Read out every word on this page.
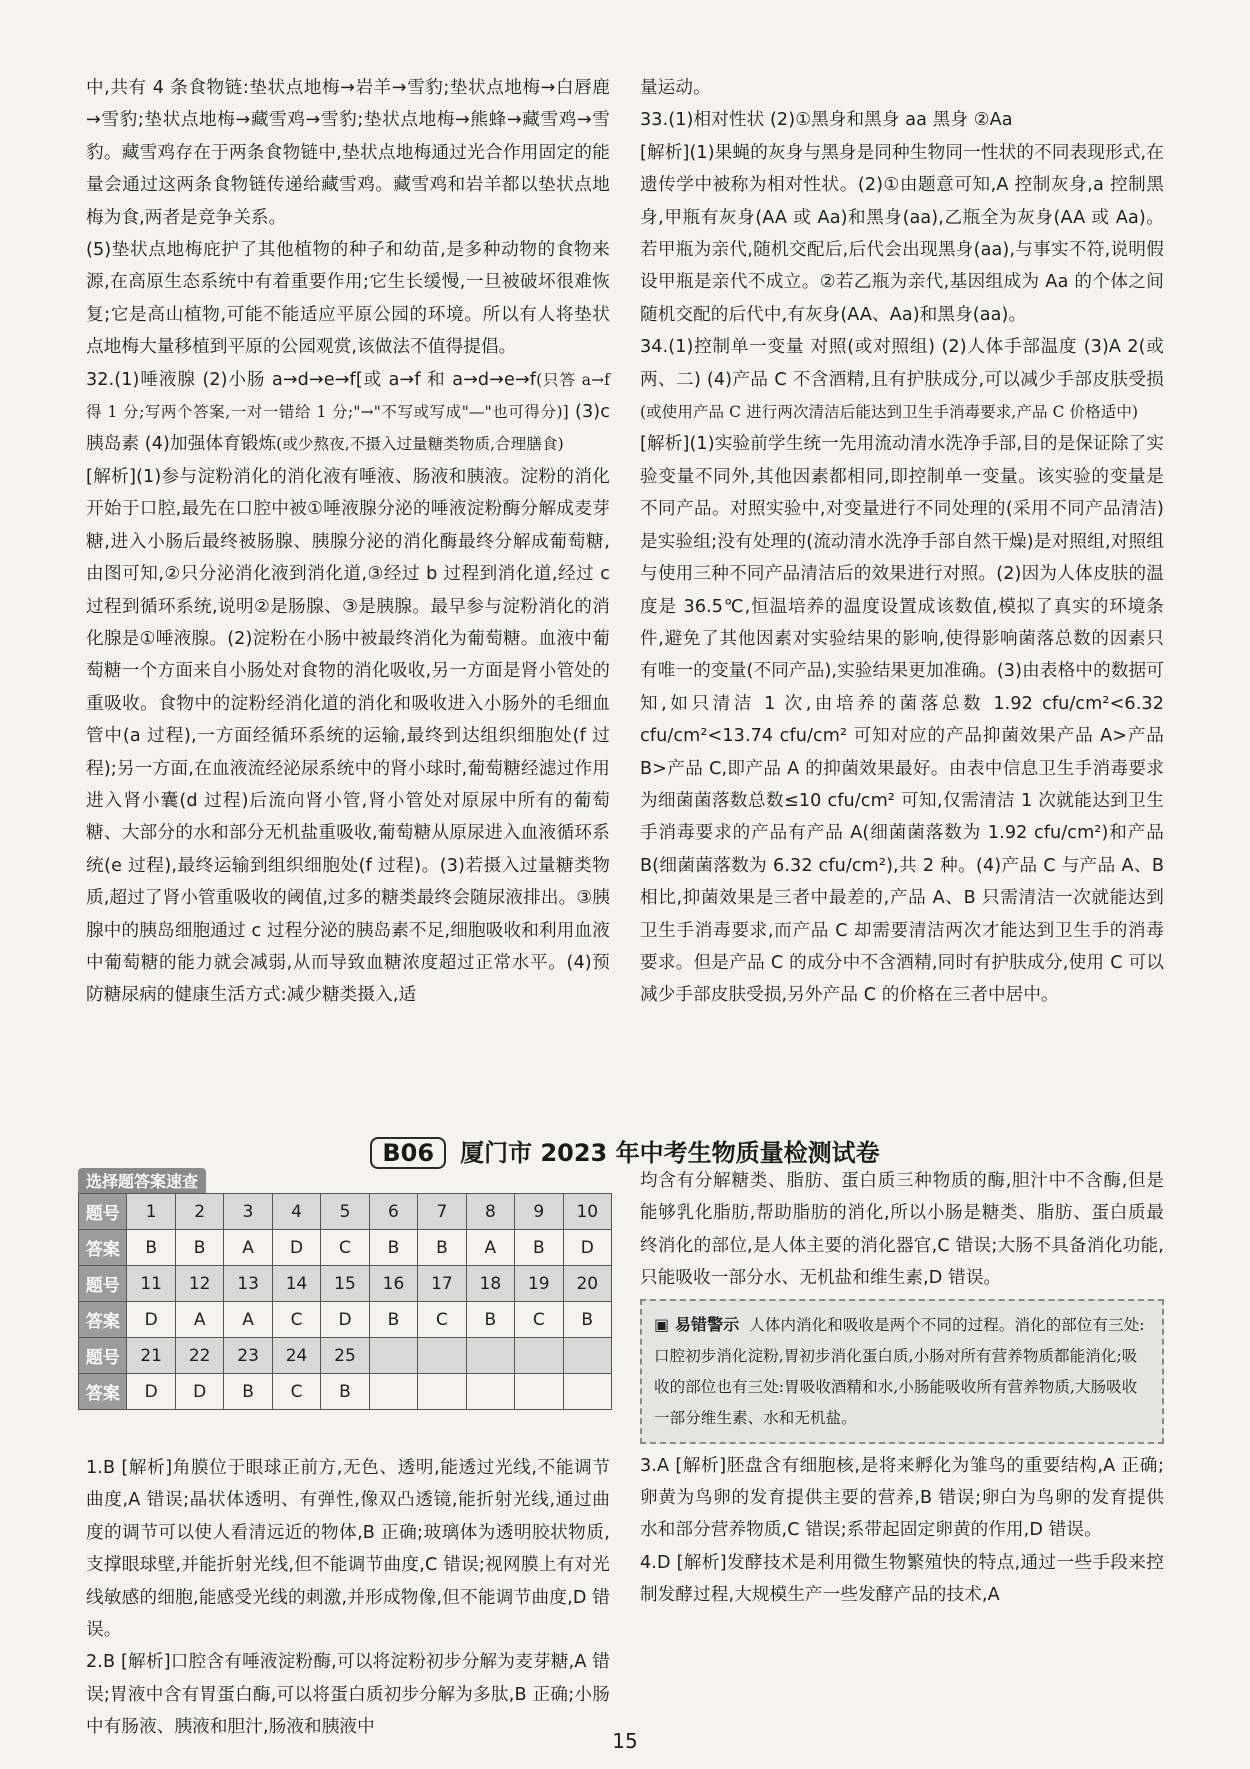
中,共有 4 条食物链:垫状点地梅→岩羊→雪豹;垫状点地梅→白唇鹿→雪豹;垫状点地梅→藏雪鸡→雪豹;垫状点地梅→熊蜂→藏雪鸡→雪豹。藏雪鸡存在于两条食物链中,垫状点地梅通过光合作用固定的能量会通过这两条食物链传递给藏雪鸡。藏雪鸡和岩羊都以垫状点地梅为食,两者是竞争关系。

(5)垫状点地梅庇护了其他植物的种子和幼苗,是多种动物的食物来源,在高原生态系统中有着重要作用;它生长缓慢,一旦被破坏很难恢复;它是高山植物,可能不能适应平原公园的环境。所以有人将垫状点地梅大量移植到平原的公园观赏,该做法不值得提倡。

32.(1)唾液腺 (2)小肠 a→d→e→f[或 a→f 和 a→d→e→f(只答 a→f 得 1 分;写两个答案,一对一错给 1 分;"→"不写或写成"—"也可得分)] (3)c 胰岛素 (4)加强体育锻炼(或少熬夜,不摄入过量糖类物质,合理膳食)

[解析](1)参与淀粉消化的消化液有唾液、肠液和胰液。淀粉的消化开始于口腔,最先在口腔中被①唾液腺分泌的唾液淀粉酶分解成麦芽糖,进入小肠后最终被肠腺、胰腺分泌的消化酶最终分解成葡萄糖,由图可知,②只分泌消化液到消化道,③经过 b 过程到消化道,经过 c 过程到循环系统,说明②是肠腺、③是胰腺。最早参与淀粉消化的消化腺是①唾液腺。(2)淀粉在小肠中被最终消化为葡萄糖。血液中葡萄糖一个方面来自小肠处对食物的消化吸收,另一方面是肾小管处的重吸收。食物中的淀粉经消化道的消化和吸收进入小肠外的毛细血管中(a 过程),一方面经循环系统的运输,最终到达组织细胞处(f 过程);另一方面,在血液流经泌尿系统中的肾小球时,葡萄糖经滤过作用进入肾小囊(d 过程)后流向肾小管,肾小管处对原尿中所有的葡萄糖、大部分的水和部分无机盐重吸收,葡萄糖从原尿进入血液循环系统(e 过程),最终运输到组织细胞处(f 过程)。(3)若摄入过量糖类物质,超过了肾小管重吸收的阈值,过多的糖类最终会随尿液排出。③胰腺中的胰岛细胞通过 c 过程分泌的胰岛素不足,细胞吸收和利用血液中葡萄糖的能力就会减弱,从而导致血糖浓度超过正常水平。(4)预防糖尿病的健康生活方式:减少糖类摄入,适

量运动。

33.(1)相对性状 (2)①黑身和黑身 aa 黑身 ②Aa

[解析](1)果蝇的灰身与黑身是同种生物同一性状的不同表现形式,在遗传学中被称为相对性状。(2)①由题意可知,A 控制灰身,a 控制黑身,甲瓶有灰身(AA 或 Aa)和黑身(aa),乙瓶全为灰身(AA 或 Aa)。若甲瓶为亲代,随机交配后,后代会出现黑身(aa),与事实不符,说明假设甲瓶是亲代不成立。②若乙瓶为亲代,基因组成为 Aa 的个体之间随机交配的后代中,有灰身(AA、Aa)和黑身(aa)。

34.(1)控制单一变量 对照(或对照组) (2)人体手部温度 (3)A 2(或两、二) (4)产品 C 不含酒精,且有护肤成分,可以减少手部皮肤受损(或使用产品 C 进行两次清洁后能达到卫生手消毒要求,产品 C 价格适中)

[解析](1)实验前学生统一先用流动清水洗净手部,目的是保证除了实验变量不同外,其他因素都相同,即控制单一变量。该实验的变量是不同产品。对照实验中,对变量进行不同处理的(采用不同产品清洁)是实验组;没有处理的(流动清水洗净手部自然干燥)是对照组,对照组与使用三种不同产品清洁后的效果进行对照。(2)因为人体皮肤的温度是 36.5℃,恒温培养的温度设置成该数值,模拟了真实的环境条件,避免了其他因素对实验结果的影响,使得影响菌落总数的因素只有唯一的变量(不同产品),实验结果更加准确。(3)由表格中的数据可知,如只清洁 1 次,由培养的菌落总数 1.92 cfu/cm²<6.32 cfu/cm²<13.74 cfu/cm² 可知对应的产品抑菌效果产品 A>产品 B>产品 C,即产品 A 的抑菌效果最好。由表中信息卫生手消毒要求为细菌菌落数总数≤10 cfu/cm² 可知,仅需清洁 1 次就能达到卫生手消毒要求的产品有产品 A(细菌菌落数为 1.92 cfu/cm²)和产品 B(细菌菌落数为 6.32 cfu/cm²),共 2 种。(4)产品 C 与产品 A、B 相比,抑菌效果是三者中最差的,产品 A、B 只需清洁一次就能达到卫生手消毒要求,而产品 C 却需要清洁两次才能达到卫生手的消毒要求。但是产品 C 的成分中不含酒精,同时有护肤成分,使用 C 可以减少手部皮肤受损,另外产品 C 的价格在三者中居中。

B06 厦门市 2023 年中考生物质量检测试卷
选择题答案速查
题号	1	2	3	4	5	6	7	8	9	10
答案	B	B	A	D	C	B	B	A	B	D
题号	11	12	13	14	15	16	17	18	19	20
答案	D	A	A	C	D	B	C	B	C	B
题号	21	22	23	24	25					
答案	D	D	B	C	B					

1.B [解析]角膜位于眼球正前方,无色、透明,能透过光线,不能调节曲度,A 错误;晶状体透明、有弹性,像双凸透镜,能折射光线,通过曲度的调节可以使人看清远近的物体,B 正确;玻璃体为透明胶状物质,支撑眼球壁,并能折射光线,但不能调节曲度,C 错误;视网膜上有对光线敏感的细胞,能感受光线的刺激,并形成物像,但不能调节曲度,D 错误。

2.B [解析]口腔含有唾液淀粉酶,可以将淀粉初步分解为麦芽糖,A 错误;胃液中含有胃蛋白酶,可以将蛋白质初步分解为多肽,B 正确;小肠中有肠液、胰液和胆汁,肠液和胰液中

均含有分解糖类、脂肪、蛋白质三种物质的酶,胆汁中不含酶,但是能够乳化脂肪,帮助脂肪的消化,所以小肠是糖类、脂肪、蛋白质最终消化的部位,是人体主要的消化器官,C 错误;大肠不具备消化功能,只能吸收一部分水、无机盐和维生素,D 错误。

▣ 易错警示 人体内消化和吸收是两个不同的过程。消化的部位有三处:口腔初步消化淀粉,胃初步消化蛋白质,小肠对所有营养物质都能消化;吸收的部位也有三处:胃吸收酒精和水,小肠能吸收所有营养物质,大肠吸收一部分维生素、水和无机盐。

3.A [解析]胚盘含有细胞核,是将来孵化为雏鸟的重要结构,A 正确;卵黄为鸟卵的发育提供主要的营养,B 错误;卵白为鸟卵的发育提供水和部分营养物质,C 错误;系带起固定卵黄的作用,D 错误。

4.D [解析]发酵技术是利用微生物繁殖快的特点,通过一些手段来控制发酵过程,大规模生产一些发酵产品的技术,A

15
